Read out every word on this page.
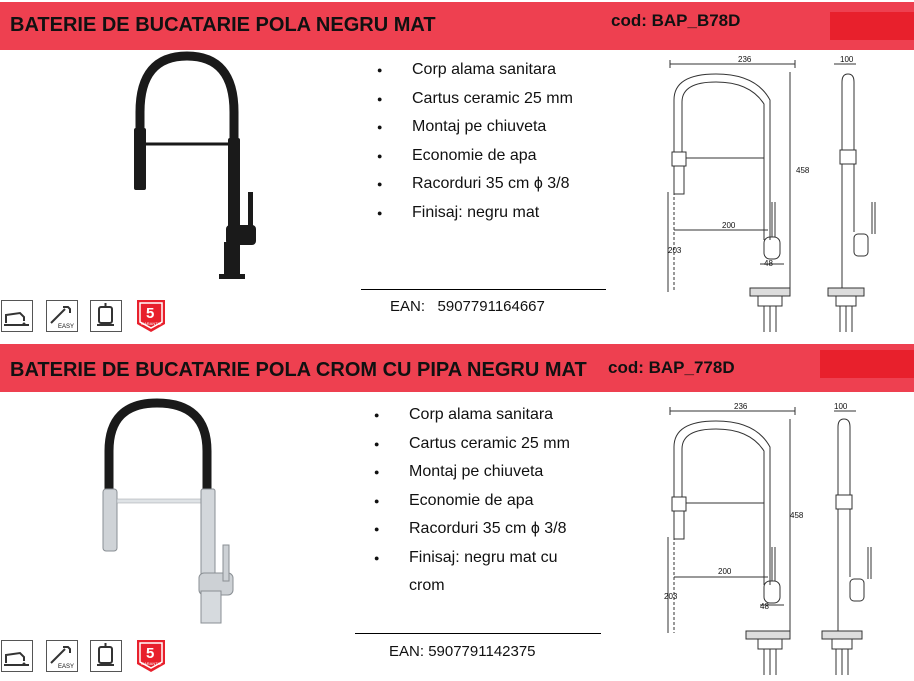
BATERIE DE BUCATARIE POLA NEGRU MAT	cod: BAP_B78D
● Corp alama sanitara
● Cartus ceramic 25 mm
● Montaj pe chiuveta
● Economie de apa
● Racorduri 35 cm ϕ 3/8
● Finisaj: negru mat
EAN: 5907791164667
236	100
458
200
203
48
EASY
5
GARANTIE
BATERIE DE BUCATARIE POLA CROM CU PIPA NEGRU MAT cod: BAP_778D
● Corp alama sanitara
● Cartus ceramic 25 mm
● Montaj pe chiuveta
● Economie de apa
● Racorduri 35 cm ϕ 3/8
● Finisaj: negru mat cu crom
EAN: 5907791142375
236	100
458
200
203
48
EASY
5
GARANTIE
